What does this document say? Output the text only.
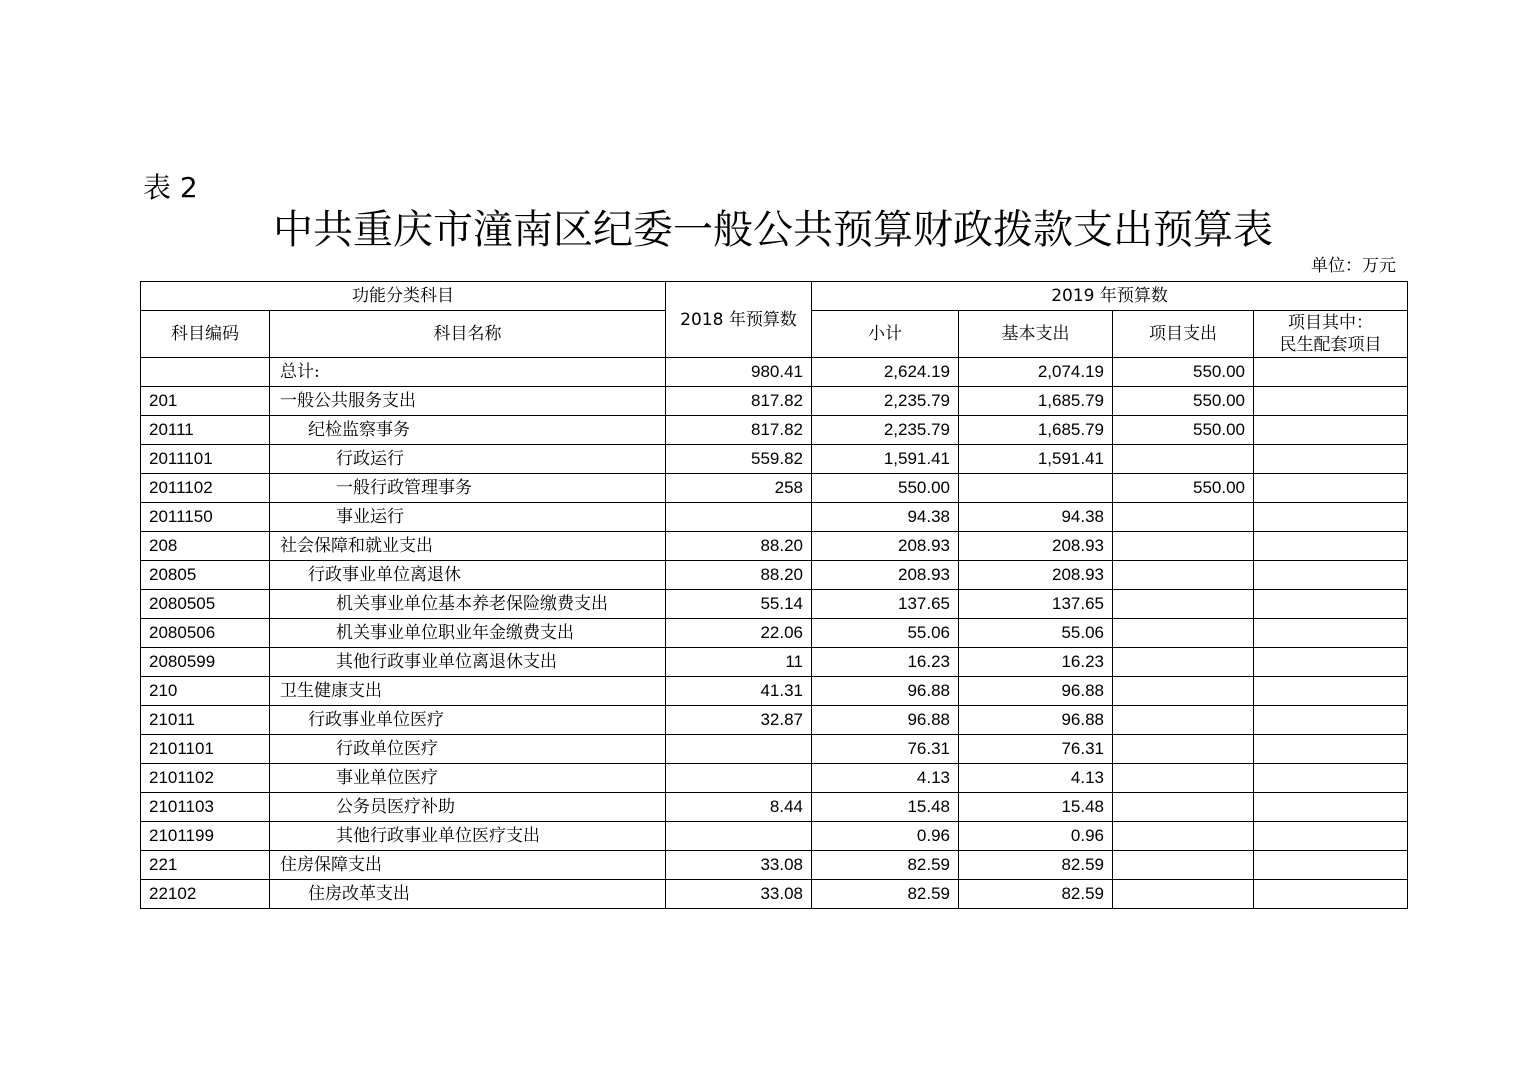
表 2
中共重庆市潼南区纪委一般公共预算财政拨款支出预算表
单位：万元
功能分类科目		2018 年预算数	2019 年预算数			
科目编码	科目名称		小计	基本支出	项目支出	项目其中：
民生配套项目
	总计:	980.41	2,624.19	2,074.19	550.00	
201	一般公共服务支出	817.82	2,235.79	1,685.79	550.00	
20111	纪检监察事务	817.82	2,235.79	1,685.79	550.00	
2011101	行政运行	559.82	1,591.41	1,591.41		
2011102	一般行政管理事务	258	550.00		550.00	
2011150	事业运行		94.38	94.38		
208	社会保障和就业支出	88.20	208.93	208.93		
20805	行政事业单位离退休	88.20	208.93	208.93		
2080505	机关事业单位基本养老保险缴费支出	55.14	137.65	137.65		
2080506	机关事业单位职业年金缴费支出	22.06	55.06	55.06		
2080599	其他行政事业单位离退休支出	11	16.23	16.23		
210	卫生健康支出	41.31	96.88	96.88		
21011	行政事业单位医疗	32.87	96.88	96.88		
2101101	行政单位医疗		76.31	76.31		
2101102	事业单位医疗		4.13	4.13		
2101103	公务员医疗补助	8.44	15.48	15.48		
2101199	其他行政事业单位医疗支出		0.96	0.96		
221	住房保障支出	33.08	82.59	82.59		
22102	住房改革支出	33.08	82.59	82.59		
